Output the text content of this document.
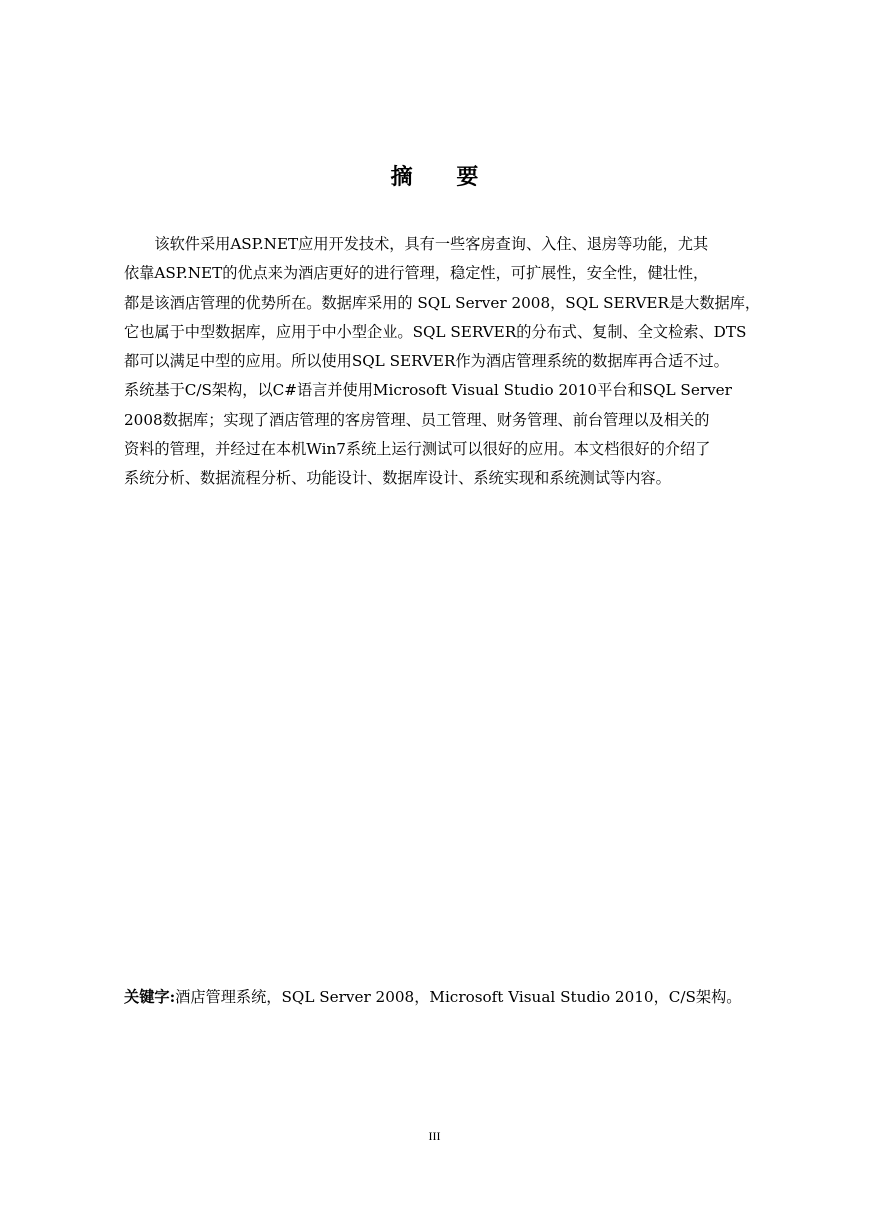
摘 要
　　该软件采用ASP.NET应用开发技术，具有一些客房查询、入住、退房等功能，尤其
依靠ASP.NET的优点来为酒店更好的进行管理，稳定性，可扩展性，安全性，健壮性，
都是该酒店管理的优势所在。数据库采用的 SQL Server 2008，SQL SERVER是大数据库，
它也属于中型数据库，应用于中小型企业。SQL SERVER的分布式、复制、全文检索、DTS
都可以满足中型的应用。所以使用SQL SERVER作为酒店管理系统的数据库再合适不过。
系统基于C/S架构，以C#语言并使用Microsoft Visual Studio 2010平台和SQL Server
2008数据库；实现了酒店管理的客房管理、员工管理、财务管理、前台管理以及相关的
资料的管理，并经过在本机Win7系统上运行测试可以很好的应用。本文档很好的介绍了
系统分析、数据流程分析、功能设计、数据库设计、系统实现和系统测试等内容。
关键字:酒店管理系统，SQL Server 2008，Microsoft Visual Studio 2010，C/S架构。
III
